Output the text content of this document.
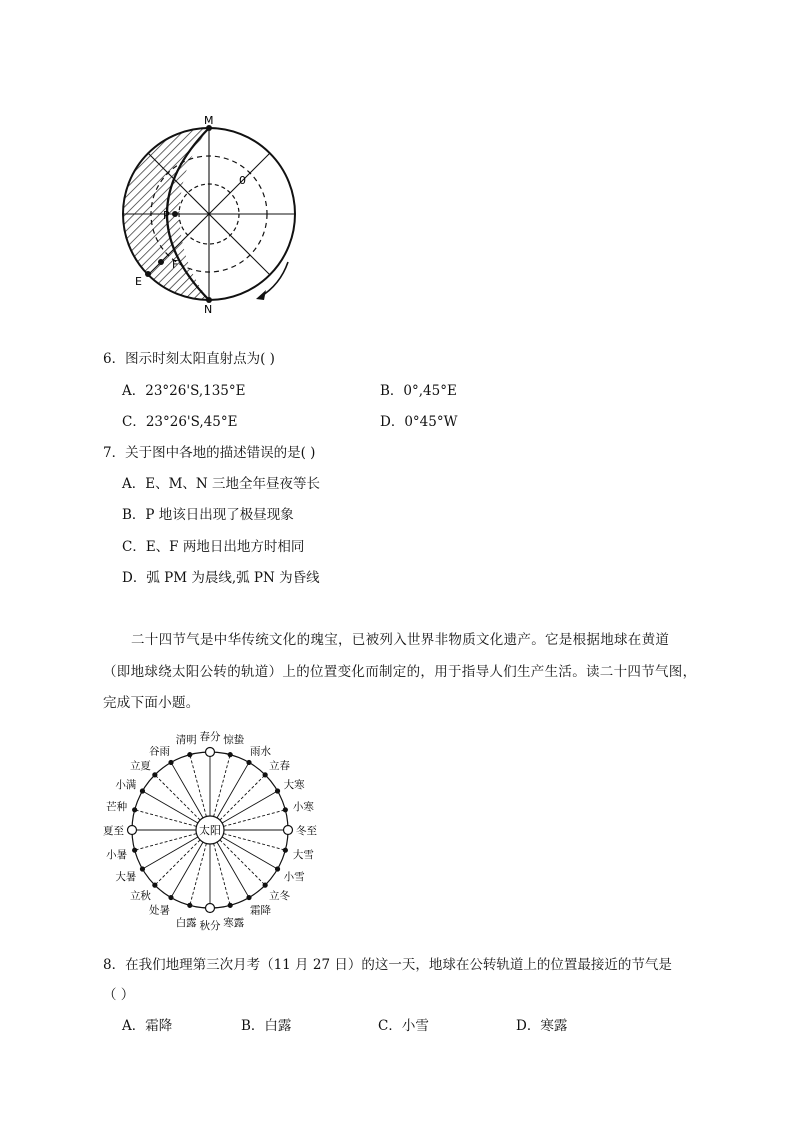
M
N
0
P
F
E
6．图示时刻太阳直射点为( )
A．23°26'S,135°E	B．0°,45°E
C．23°26'S,45°E	D．0°45°W
7．关于图中各地的描述错误的是( )
A．E、M、N 三地全年昼夜等长
B．P 地该日出现了极昼现象
C．E、F 两地日出地方时相同
D．弧 PM 为晨线,弧 PN 为昏线
二十四节气是中华传统文化的瑰宝，已被列入世界非物质文化遗产。它是根据地球在黄道
（即地球绕太阳公转的轨道）上的位置变化而制定的，用于指导人们生产生活。读二十四节气图，
完成下面小题。
春分 惊蛰
雨水
立春
大寒
小寒
冬至
大雪
小雪
立冬
霜降
寒露
秋分
白露
处暑
立秋
大暑
小暑
夏至
芒种
小满
立夏
谷雨
清明
太阳
8．在我们地理第三次月考（11 月 27 日）的这一天，地球在公转轨道上的位置最接近的节气是
（ ）
A．霜降	B．白露	C．小雪	D．寒露
